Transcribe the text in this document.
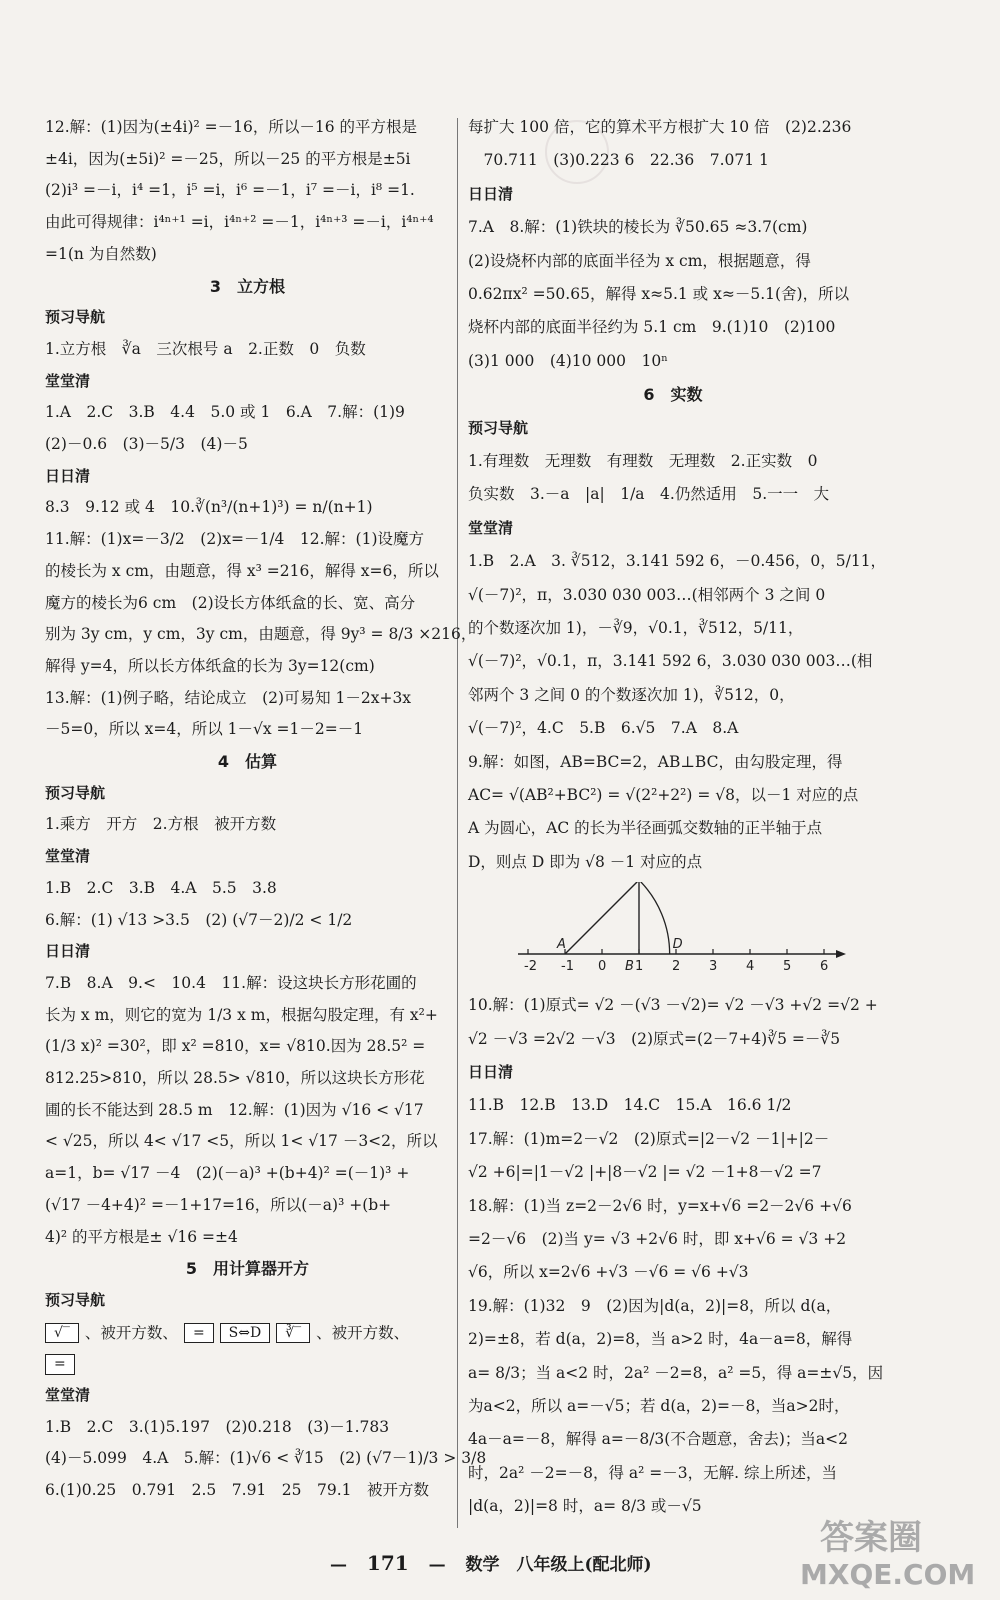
12.解：(1)因为(±4i)² =－16，所以－16 的平方根是
±4i，因为(±5i)² =－25，所以－25 的平方根是±5i
(2)i³ =－i，i⁴ =1，i⁵ =i，i⁶ =－1，i⁷ =－i，i⁸ =1.
由此可得规律：i⁴ⁿ⁺¹ =i，i⁴ⁿ⁺² =－1，i⁴ⁿ⁺³ =－i，i⁴ⁿ⁺⁴
=1(n 为自然数)
3　立方根
预习导航
1.立方根　∛a　三次根号 a　2.正数　0　负数
堂堂清
1.A　2.C　3.B　4.4　5.0 或 1　6.A　7.解：(1)9
(2)－0.6　(3)－5/3　(4)－5
日日清
8.3　9.12 或 4　10.∛(n³/(n+1)³) = n/(n+1)
11.解：(1)x=－3/2　(2)x=－1/4　12.解：(1)设魔方
的棱长为 x cm，由题意，得 x³ =216，解得 x=6，所以
魔方的棱长为6 cm　(2)设长方体纸盒的长、宽、高分
别为 3y cm，y cm，3y cm，由题意，得 9y³ = 8/3 ×216，
解得 y=4，所以长方体纸盒的长为 3y=12(cm)
13.解：(1)例子略，结论成立　(2)可易知 1－2x+3x
－5=0，所以 x=4，所以 1－√x =1－2=－1
4　估算
预习导航
1.乘方　开方　2.方根　被开方数
堂堂清
1.B　2.C　3.B　4.A　5.5　3.8
6.解：(1) √13 >3.5　(2) (√7－2)/2 < 1/2
日日清
7.B　8.A　9.<　10.4　11.解：设这块长方形花圃的
长为 x m，则它的宽为 1/3 x m，根据勾股定理，有 x²+
(1/3 x)² =30²，即 x² =810，x= √810.因为 28.5² =
812.25>810，所以 28.5> √810，所以这块长方形花
圃的长不能达到 28.5 m　12.解：(1)因为 √16 < √17
< √25，所以 4< √17 <5，所以 1< √17 －3<2，所以
a=1，b= √17 －4　(2)(－a)³ +(b+4)² =(－1)³ +
(√17 －4+4)² =－1+17=16，所以(－a)³ +(b+
4)² 的平方根是± √16 =±4
5　用计算器开方
预习导航
√‾ 、被开方数、	=	S⇔D	∛‾ 、被开方数、
=
堂堂清
1.B　2.C　3.(1)5.197　(2)0.218　(3)－1.783
(4)－5.099　4.A　5.解：(1)√6 < ∛15　(2) (√7－1)/3 > 3/8
6.(1)0.25　0.791　2.5　7.91　25　79.1　被开方数
每扩大 100 倍，它的算术平方根扩大 10 倍　(2)2.236
　70.711　(3)0.223 6　22.36　7.071 1
日日清
7.A　8.解：(1)铁块的棱长为 ∛50.65 ≈3.7(cm)
(2)设烧杯内部的底面半径为 x cm，根据题意，得
0.62πx² =50.65，解得 x≈5.1 或 x≈－5.1(舍)，所以
烧杯内部的底面半径约为 5.1 cm　9.(1)10　(2)100
(3)1 000　(4)10 000　10ⁿ
6　实数
预习导航
1.有理数　无理数　有理数　无理数　2.正实数　0
负实数　3.－a　|a|　1/a　4.仍然适用　5.一一　大
堂堂清
1.B　2.A　3. ∛512，3.141 592 6，－0.456，0，5/11，
√(－7)²，π，3.030 030 003…(相邻两个 3 之间 0
的个数逐次加 1)，－∛9，√0.1，∛512，5/11，
√(－7)²，√0.1，π，3.141 592 6，3.030 030 003…(相
邻两个 3 之间 0 的个数逐次加 1)，∛512，0，
√(－7)²，4.C　5.B　6.√5　7.A　8.A
9.解：如图，AB=BC=2，AB⊥BC，由勾股定理，得
AC= √(AB²+BC²) = √(2²+2²) = √8，以－1 对应的点
A 为圆心，AC 的长为半径画弧交数轴的正半轴于点
D，则点 D 即为 √8 －1 对应的点
-2 -1 0 1 2 3 4 5 6
A
B
D
10.解：(1)原式= √2 －(√3 －√2)= √2 －√3 +√2 =√2 +
√2 －√3 =2√2 －√3　(2)原式=(2－7+4)∛5 =－∛5
日日清
11.B　12.B　13.D　14.C　15.A　16.6 1/2
17.解：(1)m=2－√2　(2)原式=|2－√2 －1|+|2－
√2 +6|=|1－√2 |+|8－√2 |= √2 －1+8－√2 =7
18.解：(1)当 z=2－2√6 时，y=x+√6 =2－2√6 +√6
=2－√6　(2)当 y= √3 +2√6 时，即 x+√6 = √3 +2
√6，所以 x=2√6 +√3 －√6 = √6 +√3
19.解：(1)32　9　(2)因为|d(a，2)|=8，所以 d(a，
2)=±8，若 d(a，2)=8，当 a>2 时，4a－a=8，解得
a= 8/3；当 a<2 时，2a² －2=8，a² =5，得 a=±√5，因
为a<2，所以 a=－√5；若 d(a，2)=－8，当a>2时，
4a－a=－8，解得 a=－8/3(不合题意，舍去)；当a<2
时，2a² －2=－8，得 a² =－3，无解. 综上所述，当
|d(a，2)|=8 时，a= 8/3 或－√5
— 171 — 数学　八年级上(配北师)
答案圈
MXQE.COM
